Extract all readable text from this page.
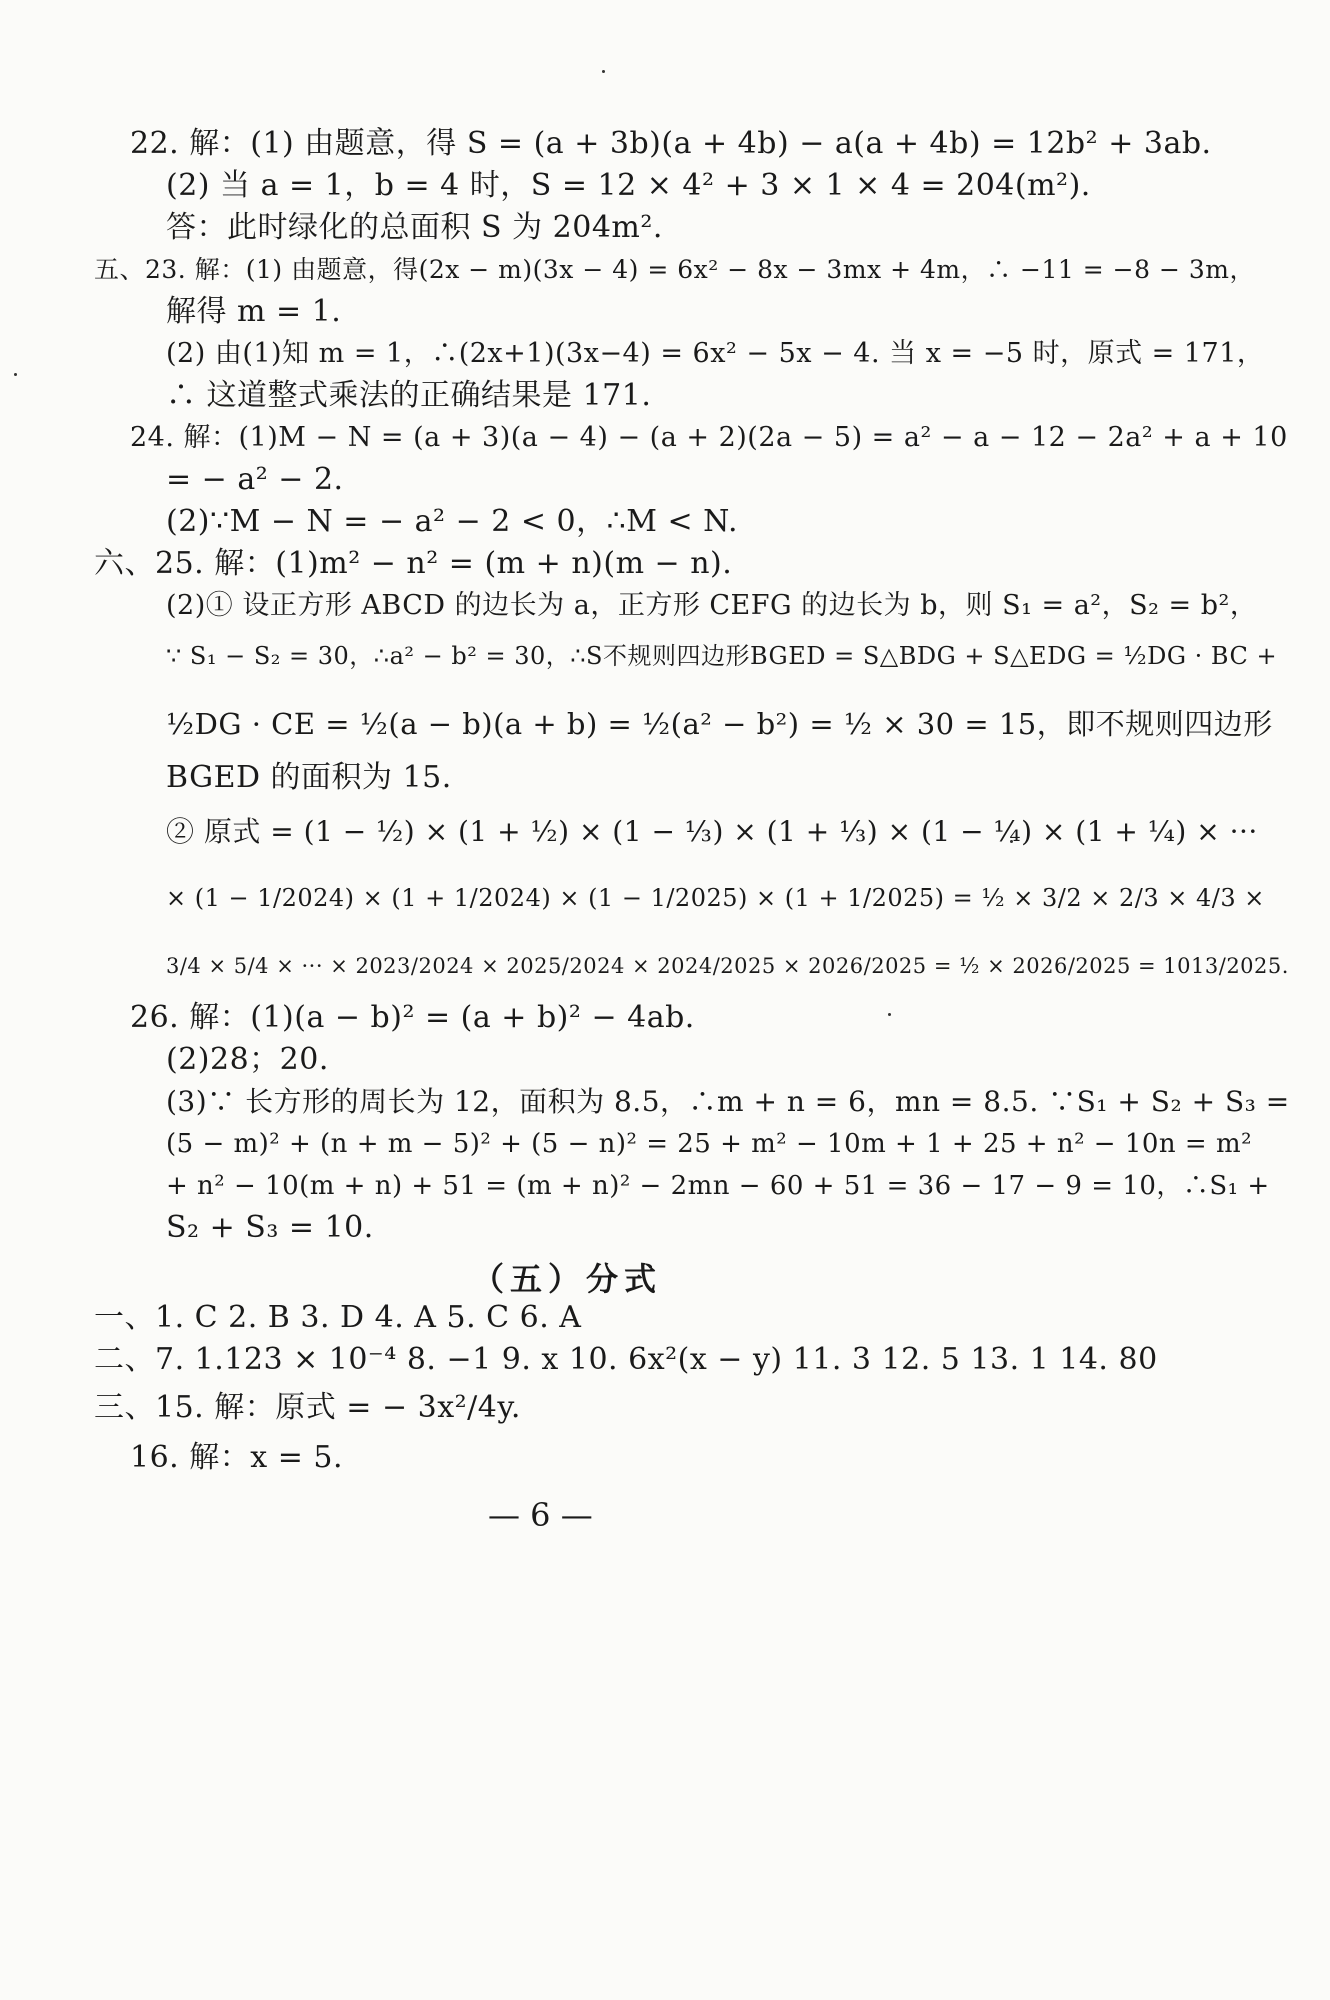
22. 解：(1) 由题意，得 S = (a + 3b)(a + 4b) − a(a + 4b) = 12b² + 3ab.
(2) 当 a = 1，b = 4 时，S = 12 × 4² + 3 × 1 × 4 = 204(m²).
答：此时绿化的总面积 S 为 204m².
五、23. 解：(1) 由题意，得(2x − m)(3x − 4) = 6x² − 8x − 3mx + 4m，∴ −11 = −8 − 3m，
解得 m = 1.
(2) 由(1)知 m = 1，∴(2x+1)(3x−4) = 6x² − 5x − 4. 当 x = −5 时，原式 = 171，
∴ 这道整式乘法的正确结果是 171.
24. 解：(1)M − N = (a + 3)(a − 4) − (a + 2)(2a − 5) = a² − a − 12 − 2a² + a + 10
= − a² − 2.
(2)∵M − N = − a² − 2 < 0，∴M < N.
六、25. 解：(1)m² − n² = (m + n)(m − n).
(2)① 设正方形 ABCD 的边长为 a，正方形 CEFG 的边长为 b，则 S₁ = a²，S₂ = b²，
∵ S₁ − S₂ = 30，∴a² − b² = 30，∴S不规则四边形BGED = S△BDG + S△EDG = ½DG · BC +
½DG · CE = ½(a − b)(a + b) = ½(a² − b²) = ½ × 30 = 15，即不规则四边形
BGED 的面积为 15.
② 原式 = (1 − ½) × (1 + ½) × (1 − ⅓) × (1 + ⅓) × (1 − ¼) × (1 + ¼) × ···
× (1 − 1/2024) × (1 + 1/2024) × (1 − 1/2025) × (1 + 1/2025) = ½ × 3/2 × 2/3 × 4/3 ×
3/4 × 5/4 × ··· × 2023/2024 × 2025/2024 × 2024/2025 × 2026/2025 = ½ × 2026/2025 = 1013/2025.
26. 解：(1)(a − b)² = (a + b)² − 4ab.
(2)28；20.
(3)∵ 长方形的周长为 12，面积为 8.5，∴m + n = 6，mn = 8.5. ∵S₁ + S₂ + S₃ =
(5 − m)² + (n + m − 5)² + (5 − n)² = 25 + m² − 10m + 1 + 25 + n² − 10n = m²
+ n² − 10(m + n) + 51 = (m + n)² − 2mn − 60 + 51 = 36 − 17 − 9 = 10，∴S₁ +
S₂ + S₃ = 10.
（五）分式
一、1. C 2. B 3. D 4. A 5. C 6. A
二、7. 1.123 × 10⁻⁴ 8. −1 9. x 10. 6x²(x − y) 11. 3 12. 5 13. 1 14. 80
三、15. 解：原式 = − 3x²/4y.
16. 解：x = 5.
— 6 —
